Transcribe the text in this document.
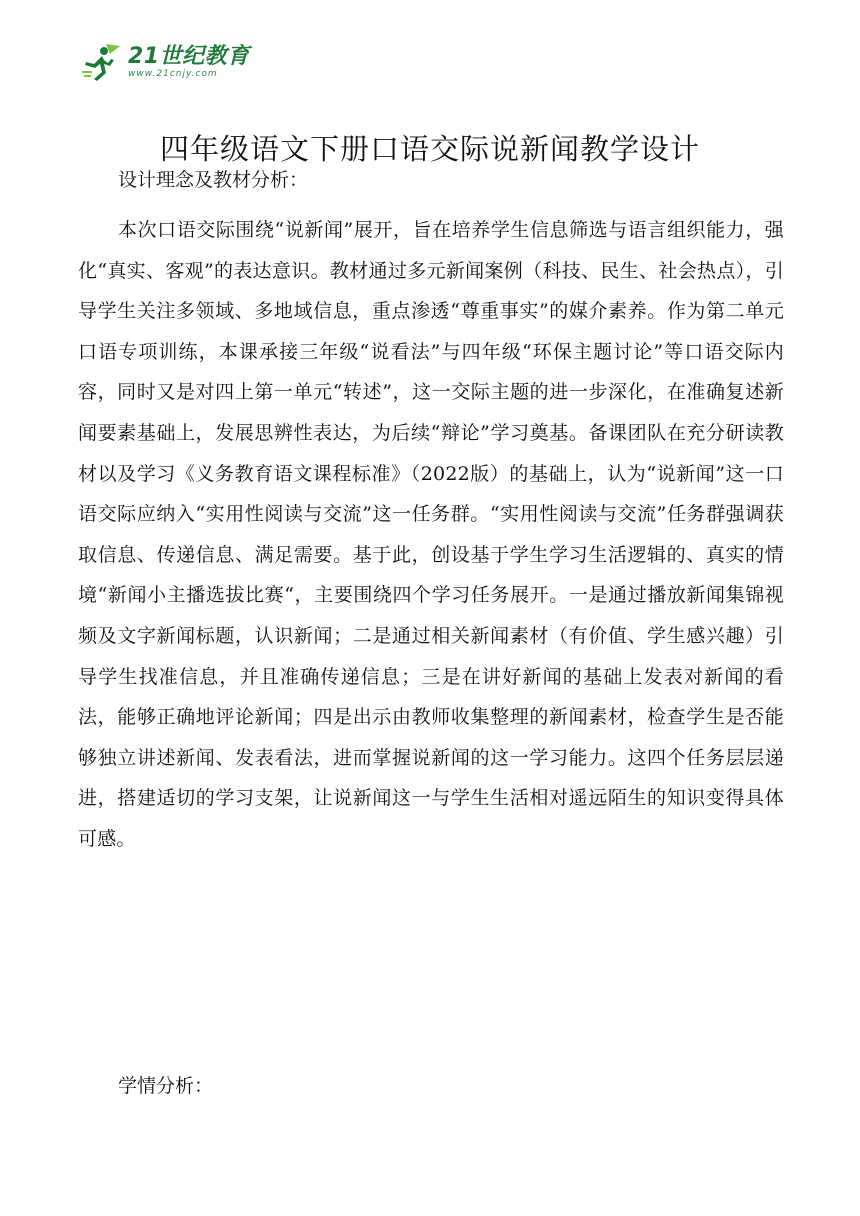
21世纪教育
www.21cnjy.com
四年级语文下册口语交际说新闻教学设计

设计理念及教材分析：

本次口语交际围绕“说新闻”展开，旨在培养学生信息筛选与语言组织能力，强化“真实、客观”的表达意识。教材通过多元新闻案例（科技、民生、社会热点），引导学生关注多领域、多地域信息，重点渗透“尊重事实”的媒介素养。作为第二单元口语专项训练，本课承接三年级“说看法”与四年级“环保主题讨论”等口语交际内容，同时又是对四上第一单元“转述”，这一交际主题的进一步深化，在准确复述新闻要素基础上，发展思辨性表达，为后续“辩论”学习奠基。备课团队在充分研读教材以及学习《义务教育语文课程标准》（2022版）的基础上，认为“说新闻”这一口语交际应纳入“实用性阅读与交流”这一任务群。“实用性阅读与交流”任务群强调获取信息、传递信息、满足需要。基于此，创设基于学生学习生活逻辑的、真实的情境“新闻小主播选拔比赛“，主要围绕四个学习任务展开。一是通过播放新闻集锦视频及文字新闻标题，认识新闻；二是通过相关新闻素材（有价值、学生感兴趣）引导学生找准信息，并且准确传递信息；三是在讲好新闻的基础上发表对新闻的看法，能够正确地评论新闻；四是出示由教师收集整理的新闻素材，检查学生是否能够独立讲述新闻、发表看法，进而掌握说新闻的这一学习能力。这四个任务层层递进，搭建适切的学习支架，让说新闻这一与学生生活相对遥远陌生的知识变得具体可感。

学情分析：
